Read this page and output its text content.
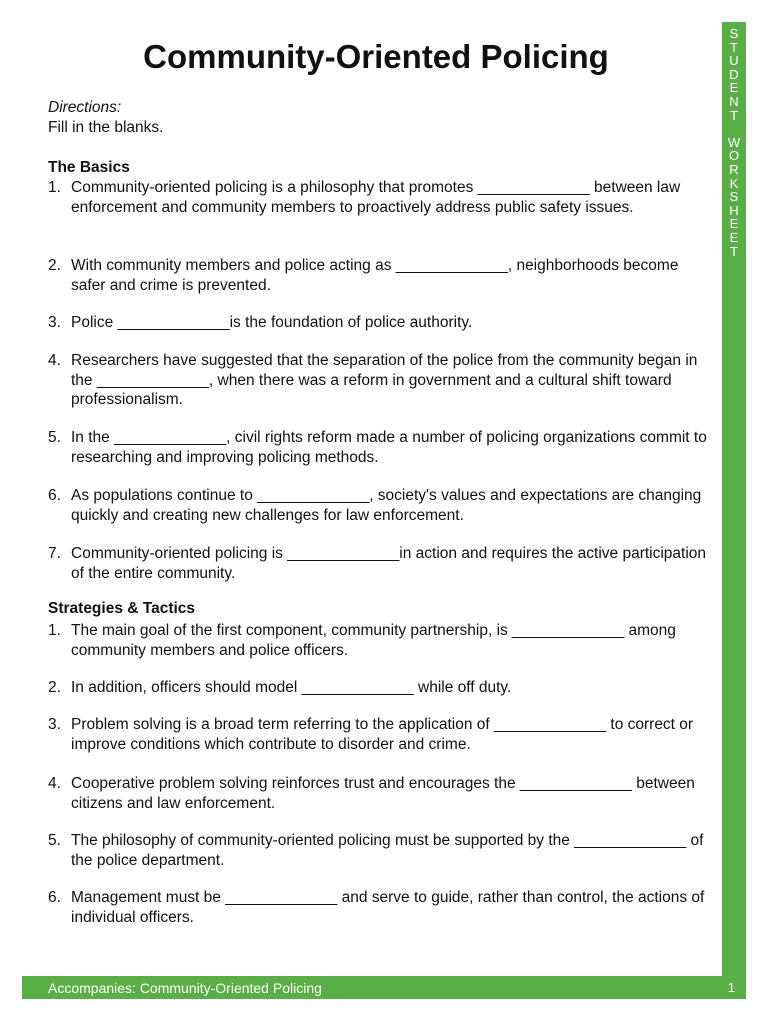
Community-Oriented Policing
S
T
U
D
E
N
T
W
O
R
K
S
H
E
E
T
Directions:
Fill in the blanks.
The Basics
1. Community-oriented policing is a philosophy that promotes _____________ between law enforcement and community members to proactively address public safety issues.
2. With community members and police acting as _____________, neighborhoods become safer and crime is prevented.
3. Police _____________is the foundation of police authority.
4. Researchers have suggested that the separation of the police from the community began in the _____________, when there was a reform in government and a cultural shift toward professionalism.
5. In the _____________, civil rights reform made a number of policing organizations commit to researching and improving policing methods.
6. As populations continue to _____________, society's values and expectations are changing quickly and creating new challenges for law enforcement.
7. Community-oriented policing is _____________in action and requires the active participation of the entire community.
Strategies & Tactics
1. The main goal of the first component, community partnership, is _____________ among community members and police officers.
2. In addition, officers should model _____________ while off duty.
3. Problem solving is a broad term referring to the application of _____________ to correct or improve conditions which contribute to disorder and crime.
4. Cooperative problem solving reinforces trust and encourages the _____________ between citizens and law enforcement.
5. The philosophy of community-oriented policing must be supported by the _____________ of the police department.
6. Management must be _____________ and serve to guide, rather than control, the actions of individual officers.
Accompanies: Community-Oriented Policing	1
